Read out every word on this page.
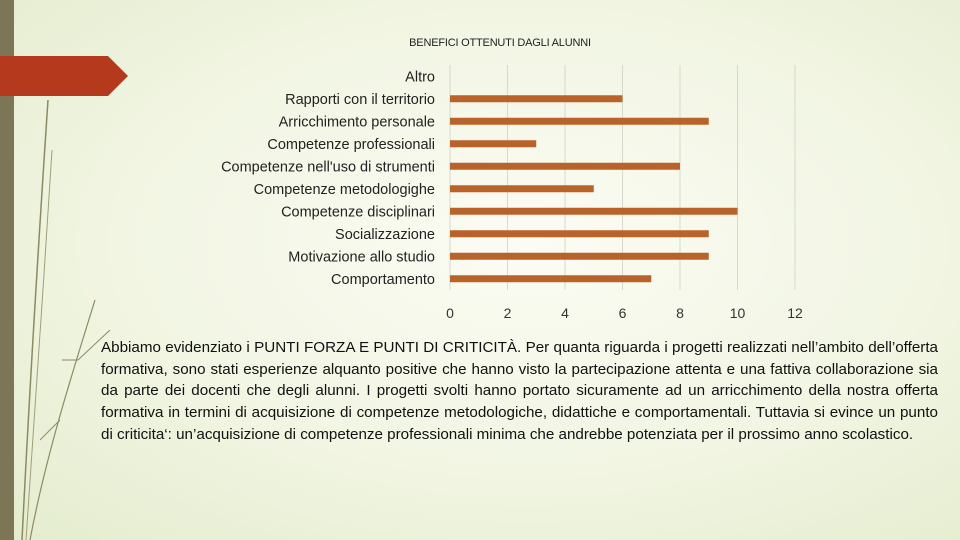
BENEFICI OTTENUTI DAGLI ALUNNI
Altro
Rapporti con il territorio
Arricchimento personale
Competenze professionali
Competenze nell'uso di strumenti
Competenze metodologighe
Competenze disciplinari
Socializzazione
Motivazione allo studio
Comportamento
0	2	4	6	8	10	12
Abbiamo evidenziato i PUNTI FORZA E PUNTI DI CRITICITÀ. Per quanta riguarda i progetti realizzati nell’ambito dell’offerta formativa, sono stati esperienze alquanto positive che hanno visto la partecipazione attenta e una fattiva collaborazione sia da parte dei docenti che degli alunni. I progetti svolti hanno portato sicuramente ad un arricchimento della nostra offerta formativa in termini di acquisizione di competenze metodologiche, didattiche e comportamentali. Tuttavia si evince un punto di criticita‘: un’acquisizione di competenze professionali minima che andrebbe potenziata per il prossimo anno scolastico.
